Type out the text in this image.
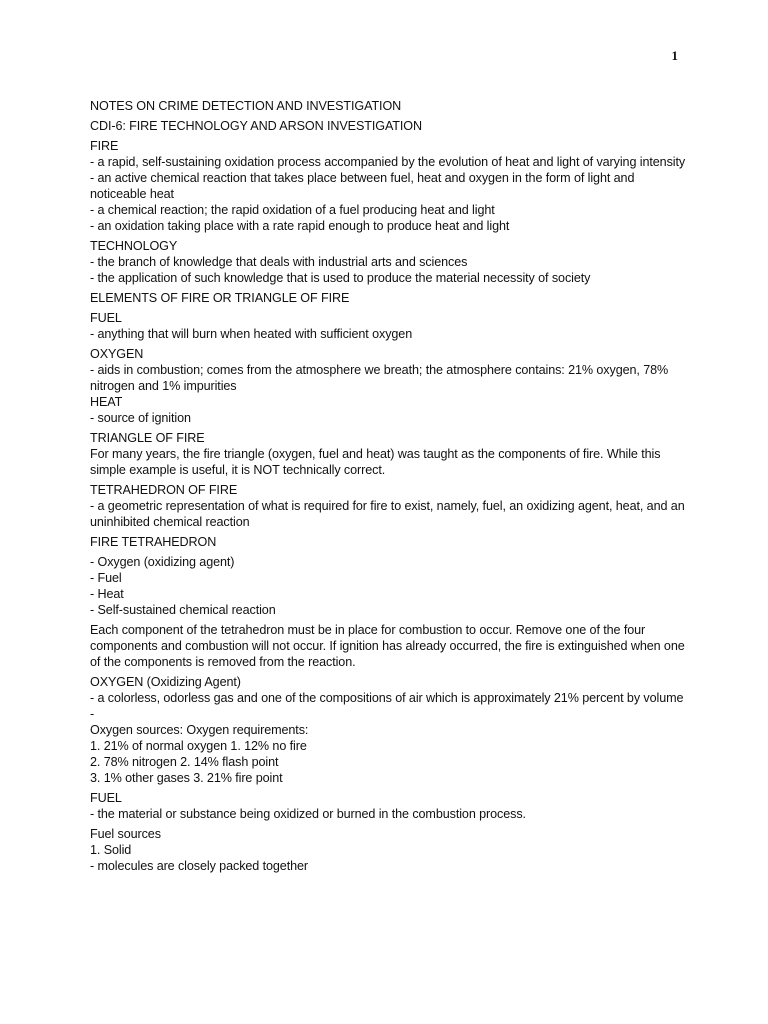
1

NOTES ON CRIME DETECTION AND INVESTIGATION

CDI-6: FIRE TECHNOLOGY AND ARSON INVESTIGATION

FIRE

- a rapid, self-sustaining oxidation process accompanied by the evolution of heat and light of varying intensity

- an active chemical reaction that takes place between fuel, heat and oxygen in the form of light and noticeable heat

- a chemical reaction; the rapid oxidation of a fuel producing heat and light

- an oxidation taking place with a rate rapid enough to produce heat and light

TECHNOLOGY

- the branch of knowledge that deals with industrial arts and sciences

- the application of such knowledge that is used to produce the material necessity of society

ELEMENTS OF FIRE OR TRIANGLE OF FIRE

FUEL

- anything that will burn when heated with sufficient oxygen

OXYGEN

- aids in combustion; comes from the atmosphere we breath; the atmosphere contains: 21% oxygen, 78% nitrogen and 1% impurities

HEAT

- source of ignition

TRIANGLE OF FIRE

For many years, the fire triangle (oxygen, fuel and heat) was taught as the components of fire. While this simple example is useful, it is NOT technically correct.

TETRAHEDRON OF FIRE

- a geometric representation of what is required for fire to exist, namely, fuel, an oxidizing agent, heat, and an uninhibited chemical reaction

FIRE TETRAHEDRON

- Oxygen (oxidizing agent)

- Fuel

- Heat

- Self-sustained chemical reaction

Each component of the tetrahedron must be in place for combustion to occur. Remove one of the four components and combustion will not occur. If ignition has already occurred, the fire is extinguished when one of the components is removed from the reaction.

OXYGEN (Oxidizing Agent)

- a colorless, odorless gas and one of the compositions of air which is approximately 21% percent by volume

-

Oxygen sources: Oxygen requirements:

1. 21% of normal oxygen 1. 12% no fire

2. 78% nitrogen 2. 14% flash point

3. 1% other gases 3. 21% fire point

FUEL

- the material or substance being oxidized or burned in the combustion process.

Fuel sources

1. Solid

- molecules are closely packed together
